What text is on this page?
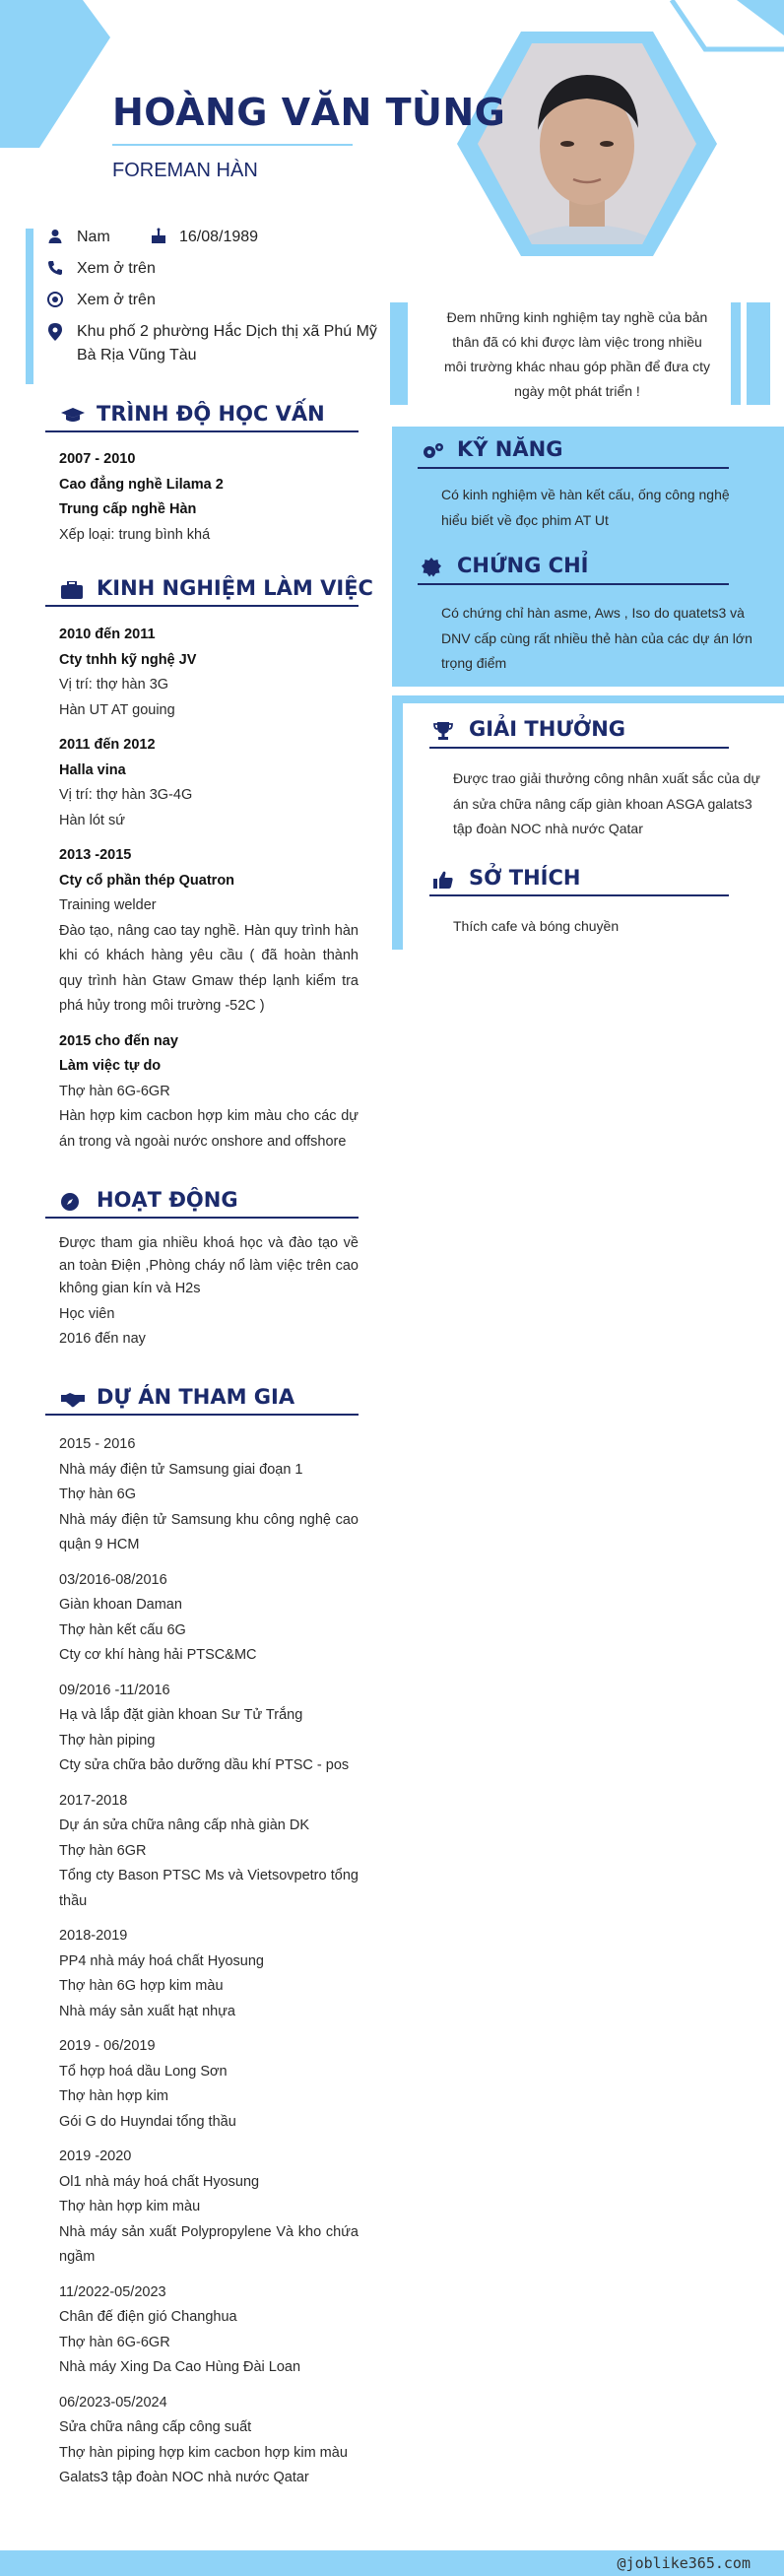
HOÀNG VĂN TÙNG
FOREMAN HÀN
Nam	16/08/1989
Xem ở trên
Xem ở trên
Khu phố 2 phường Hắc Dịch thị xã Phú Mỹ Bà Rịa Vũng Tàu
Đem những kinh nghiệm tay nghề của bản thân đã có khi được làm việc trong nhiều môi trường khác nhau góp phần để đưa cty ngày một phát triển !
TRÌNH ĐỘ HỌC VẤN
2007 - 2010
Cao đẳng nghề Lilama 2
Trung cấp nghề Hàn
Xếp loại: trung bình khá
KINH NGHIỆM LÀM VIỆC
2010 đến 2011
Cty tnhh kỹ nghệ JV
Vị trí: thợ hàn 3G
Hàn UT AT gouing
2011 đến 2012
Halla vina
Vị trí: thợ hàn 3G-4G
Hàn lót sứ
2013 -2015
Cty cổ phần thép Quatron
Training welder
Đào tạo, nâng cao tay nghề. Hàn quy trình hàn khi có khách hàng yêu cầu ( đã hoàn thành quy trình hàn Gtaw Gmaw thép lạnh kiểm tra phá hủy trong môi trường -52C )
2015 cho đến nay
Làm việc tự do
Thợ hàn 6G-6GR
Hàn hợp kim cacbon hợp kim màu cho các dự án trong và ngoài nước onshore and offshore
HOẠT ĐỘNG
Được tham gia nhiều khoá học và đào tạo về an toàn Điện ,Phòng cháy nổ làm việc trên cao không gian kín và H2s
Học viên
2016 đến nay
DỰ ÁN THAM GIA
2015 - 2016
Nhà máy điện tử Samsung giai đoạn 1
Thợ hàn 6G
Nhà máy điện tử Samsung khu công nghệ cao quận 9 HCM
03/2016-08/2016
Giàn khoan Daman
Thợ hàn kết cấu 6G
Cty cơ khí hàng hải PTSC&MC
09/2016 -11/2016
Hạ và lắp đặt giàn khoan Sư Tử Trắng
Thợ hàn piping
Cty sửa chữa bảo dưỡng dầu khí PTSC - pos
2017-2018
Dự án sửa chữa nâng cấp nhà giàn DK
Thợ hàn 6GR
Tổng cty Bason PTSC Ms và Vietsovpetro tổng thầu
2018-2019
PP4 nhà máy hoá chất Hyosung
Thợ hàn 6G hợp kim màu
Nhà máy sản xuất hạt nhựa
2019 - 06/2019
Tổ hợp hoá dầu Long Sơn
Thợ hàn hợp kim
Gói G do Huyndai tổng thầu
2019 -2020
Ol1 nhà máy hoá chất Hyosung
Thợ hàn hợp kim màu
Nhà máy sản xuất Polypropylene Và kho chứa ngầm
11/2022-05/2023
Chân đế điện gió Changhua
Thợ hàn 6G-6GR
Nhà máy Xing Da Cao Hùng Đài Loan
06/2023-05/2024
Sửa chữa nâng cấp công suất
Thợ hàn piping hợp kim cacbon hợp kim màu
Galats3 tập đoàn NOC nhà nước Qatar
KỸ NĂNG
Có kinh nghiệm về hàn kết cấu, ống công nghệ hiểu biết về đọc phim AT Ut
CHỨNG CHỈ
Có chứng chỉ hàn asme, Aws , Iso do quatets3 và DNV cấp cùng rất nhiều thẻ hàn của các dự án lớn trọng điểm
GIẢI THƯỞNG
Được trao giải thưởng công nhân xuất sắc của dự án sửa chữa nâng cấp giàn khoan ASGA galats3 tập đoàn NOC nhà nước Qatar
SỞ THÍCH
Thích cafe và bóng chuyền
@joblike365.com
